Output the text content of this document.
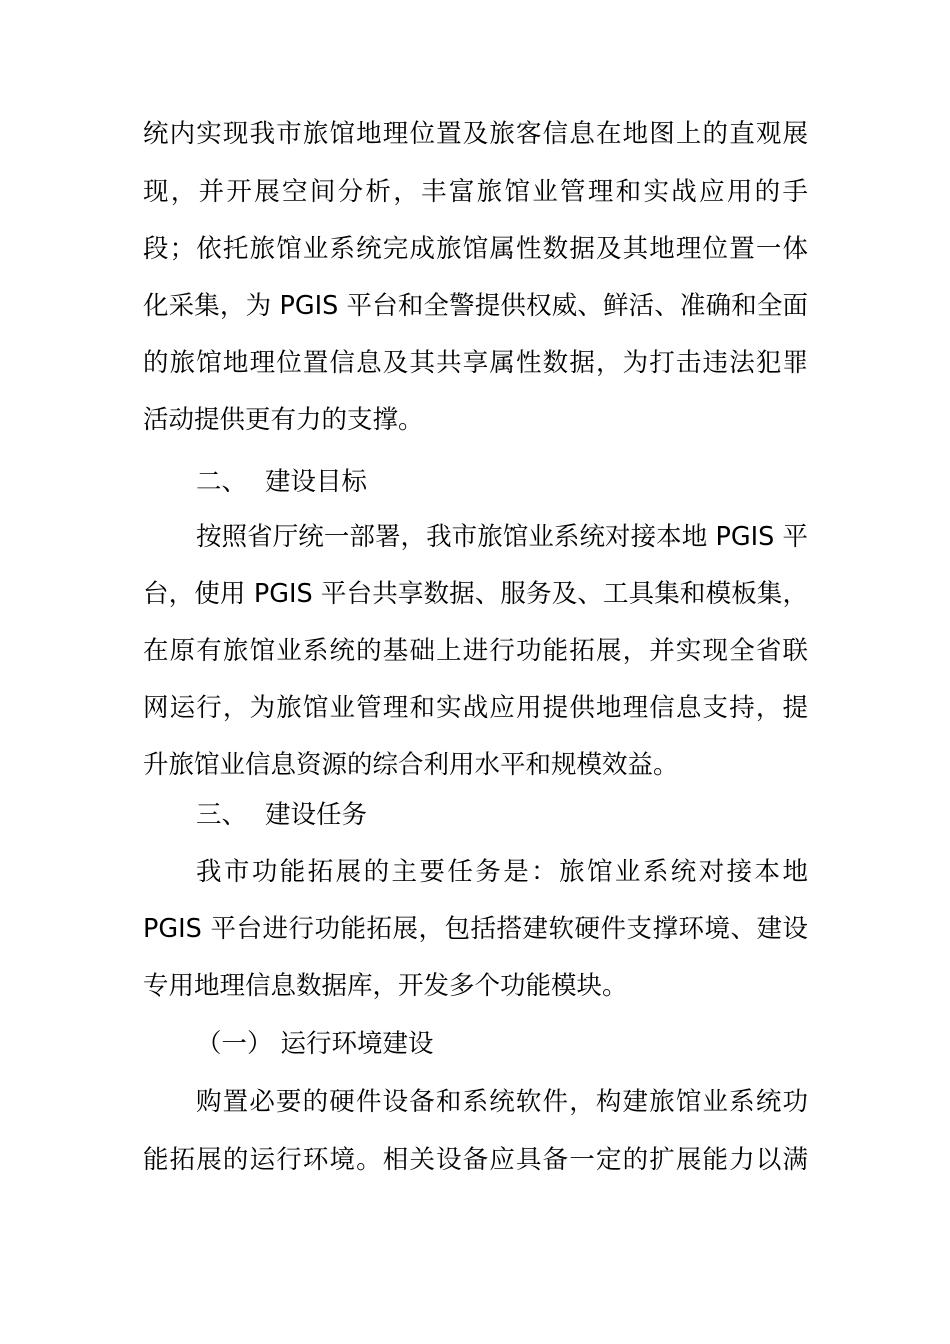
统内实现我市旅馆地理位置及旅客信息在地图上的直观展
现，并开展空间分析，丰富旅馆业管理和实战应用的手
段；依托旅馆业系统完成旅馆属性数据及其地理位置一体
化采集，为 PGIS 平台和全警提供权威、鲜活、准确和全面
的旅馆地理位置信息及其共享属性数据，为打击违法犯罪
活动提供更有力的支撑。
二、 建设目标
按照省厅统一部署，我市旅馆业系统对接本地 PGIS 平
台，使用 PGIS 平台共享数据、服务及、工具集和模板集，
在原有旅馆业系统的基础上进行功能拓展，并实现全省联
网运行，为旅馆业管理和实战应用提供地理信息支持，提
升旅馆业信息资源的综合利用水平和规模效益。
三、 建设任务
我市功能拓展的主要任务是：旅馆业系统对接本地
PGIS 平台进行功能拓展，包括搭建软硬件支撑环境、建设
专用地理信息数据库，开发多个功能模块。
（一） 运行环境建设
购置必要的硬件设备和系统软件，构建旅馆业系统功
能拓展的运行环境。相关设备应具备一定的扩展能力以满
